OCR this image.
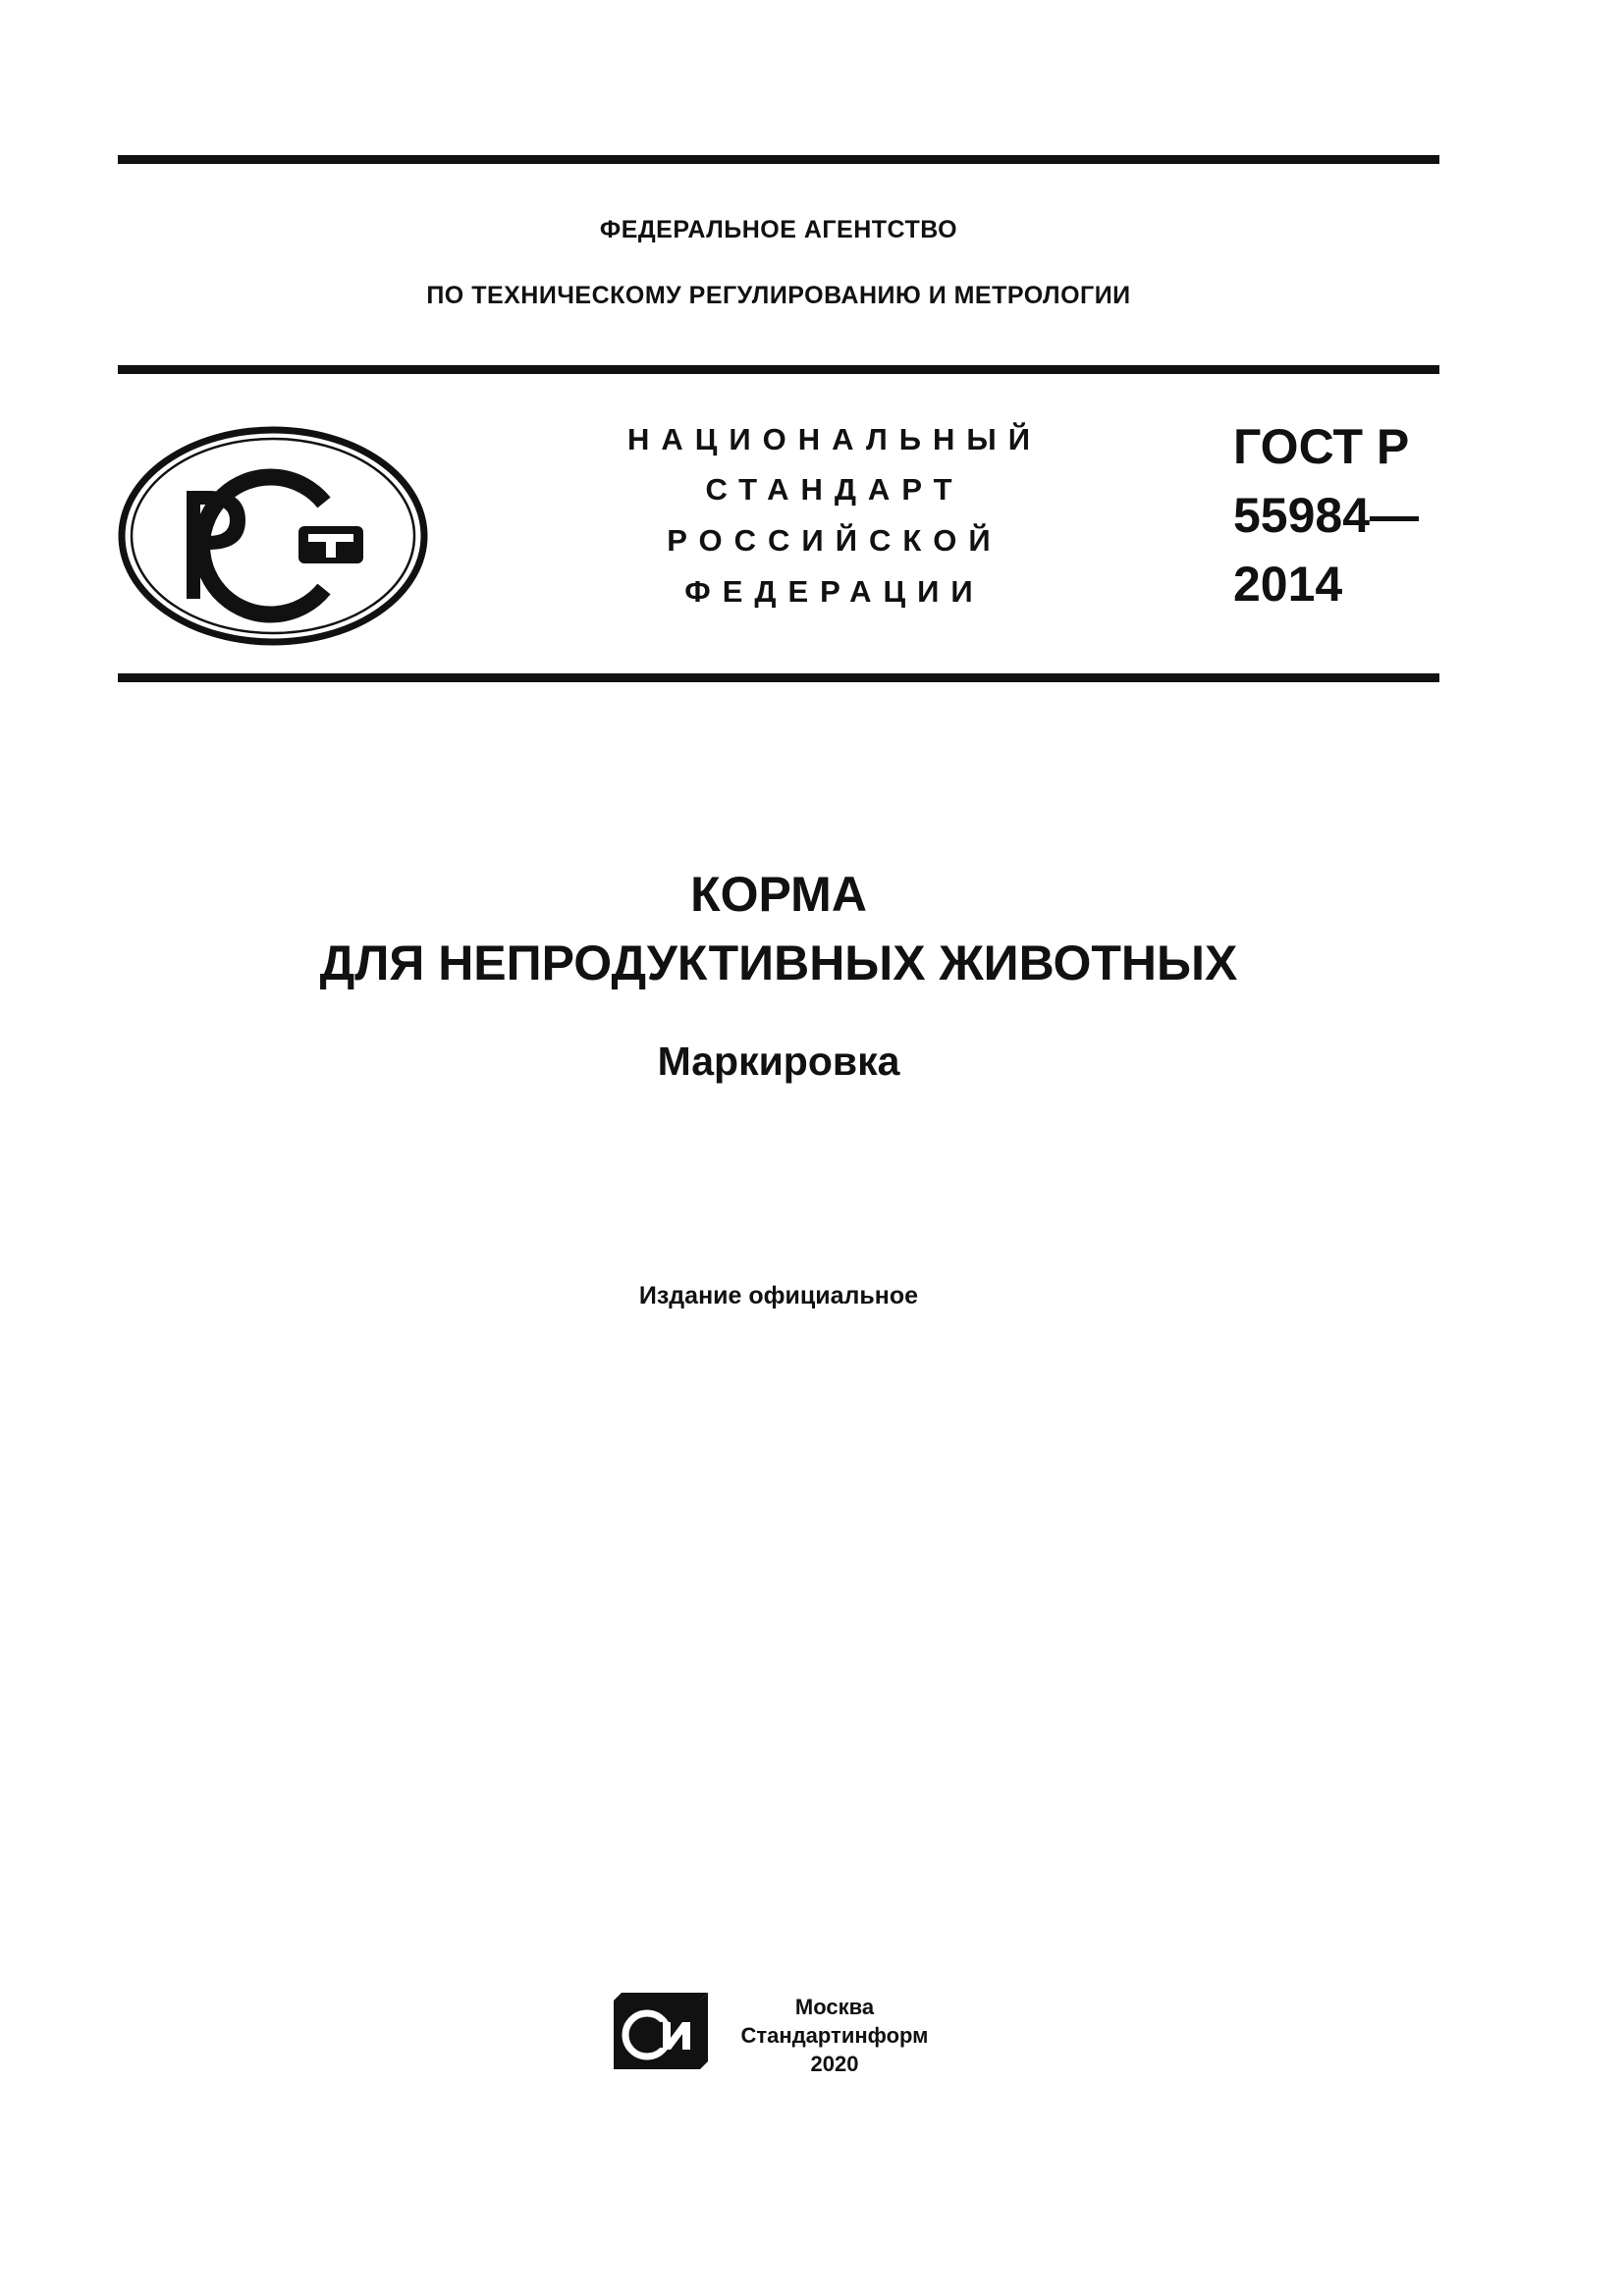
ФЕДЕРАЛЬНОЕ АГЕНТСТВО
ПО ТЕХНИЧЕСКОМУ РЕГУЛИРОВАНИЮ И МЕТРОЛОГИИ
НАЦИОНАЛЬНЫЙ
СТАНДАРТ
РОССИЙСКОЙ
ФЕДЕРАЦИИ
ГОСТ Р
55984—
2014
КОРМА
ДЛЯ НЕПРОДУКТИВНЫХ ЖИВОТНЫХ
Маркировка
Издание официальное
Москва
Стандартинформ
2020
